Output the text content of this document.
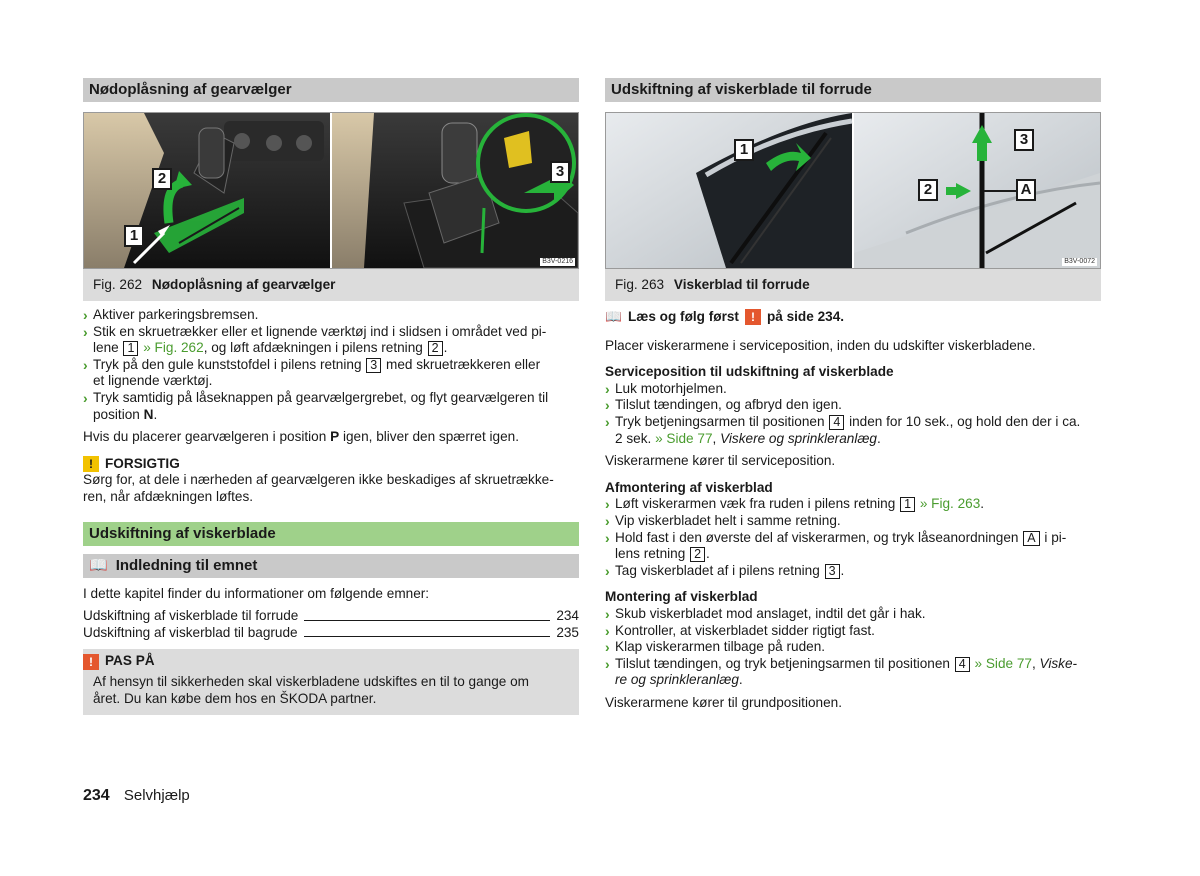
Nødoplåsning af gearvælger
2
1
3
B3V-0216
Fig. 262 Nødoplåsning af gearvælger
› Aktiver parkeringsbremsen.
› Stik en skruetrækker eller et lignende værktøj ind i slidsen i området ved pi-
lene 1 » Fig. 262, og løft afdækningen i pilens retning 2 .
› Tryk på den gule kunststofdel i pilens retning 3 med skruetrækkeren eller
et lignende værktøj.
› Tryk samtidig på låseknappen på gearvælgergrebet, og flyt gearvælgeren til
position N.
Hvis du placerer gearvælgeren i position P igen, bliver den spærret igen.
! FORSIGTIG
Sørg for, at dele i nærheden af gearvælgeren ikke beskadiges af skruetrække-
ren, når afdækningen løftes.
Udskiftning af viskerblade
📖 Indledning til emnet
I dette kapitel finder du informationer om følgende emner:
Udskiftning af viskerblade til forrude	234
Udskiftning af viskerblad til bagrude	235
! PAS PÅ
Af hensyn til sikkerheden skal viskerbladene udskiftes en til to gange om
året. Du kan købe dem hos en ŠKODA partner.
Udskiftning af viskerblade til forrude
1
2
3
A
B3V-0072
Fig. 263 Viskerblad til forrude
📖 Læs og følg først	! på side 234.
Placer viskerarmene i serviceposition, inden du udskifter viskerbladene.
Serviceposition til udskiftning af viskerblade
› Luk motorhjelmen.
› Tilslut tændingen, og afbryd den igen.
› Tryk betjeningsarmen til positionen 4 inden for 10 sek., og hold den der i ca.
2 sek. » Side 77, Viskere og sprinkleranlæg.
Viskerarmene kører til serviceposition.
Afmontering af viskerblad
› Løft viskerarmen væk fra ruden i pilens retning 1 » Fig. 263.
› Vip viskerbladet helt i samme retning.
› Hold fast i den øverste del af viskerarmen, og tryk låseanordningen A i pi-
lens retning 2 .
› Tag viskerbladet af i pilens retning 3 .
Montering af viskerblad
› Skub viskerbladet mod anslaget, indtil det går i hak.
› Kontroller, at viskerbladet sidder rigtigt fast.
› Klap viskerarmen tilbage på ruden.
› Tilslut tændingen, og tryk betjeningsarmen til positionen 4 » Side 77, Viske-
re og sprinkleranlæg.
Viskerarmene kører til grundpositionen.
234 Selvhjælp
